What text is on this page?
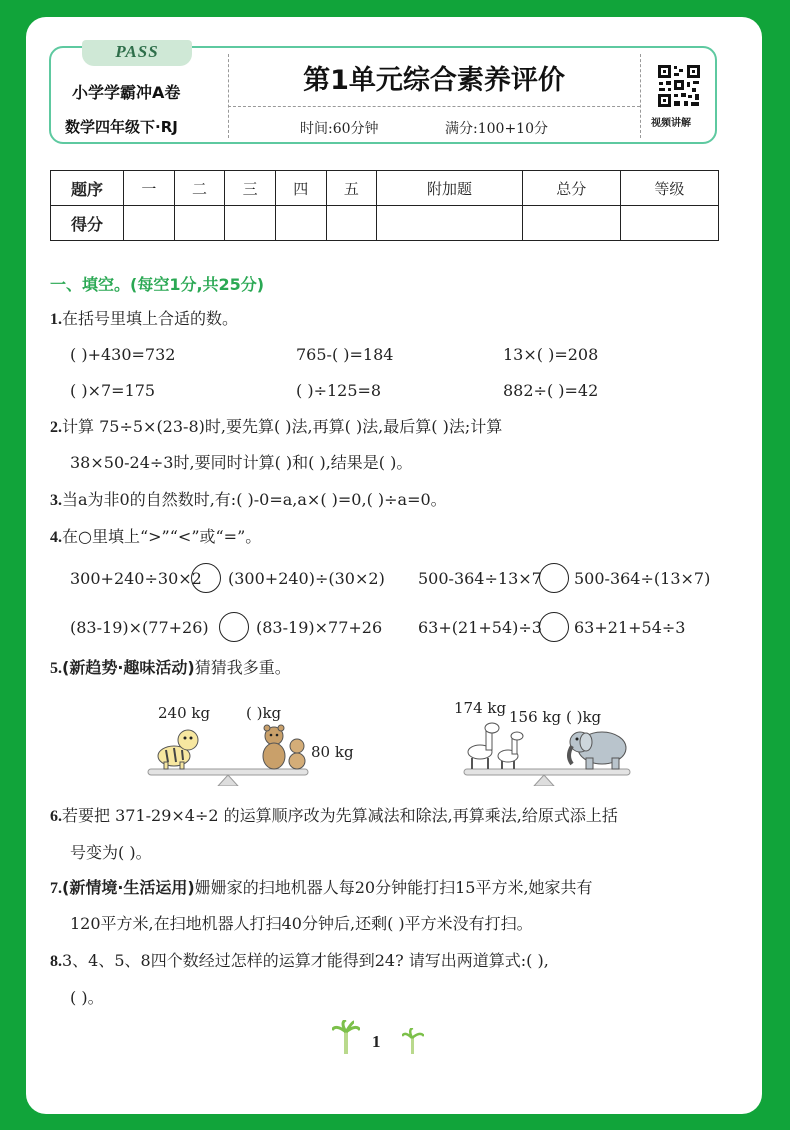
PASS
小学学霸冲A卷
数学四年级下·RJ
第1单元综合素养评价
时间:60分钟	满分:100+10分	视频讲解
题序	一	二	三	四	五	附加题	总分	等级
得分								
一、填空。(每空1分,共25分)
1.在括号里填上合适的数。
( )+430=732	765-( )=184	13×( )=208
( )×7=175	( )÷125=8	882÷( )=42
2.计算 75÷5×(23-8)时,要先算( )法,再算( )法,最后算( )法;计算
38×50-24÷3时,要同时计算( )和( ),结果是( )。
3.当a为非0的自然数时,有:( )-0=a,a×( )=0,( )÷a=0。
4.在○里填上“>”“<”或“=”。
300+240÷30×2 (300+240)÷(30×2) 500-364÷13×7 500-364÷(13×7)
(83-19)×(77+26)	(83-19)×77+26 63+(21+54)÷3 63+21+54÷3
5.(新趋势·趣味活动)猜猜我多重。
240 kg ( )kg
80 kg
174 kg 156 kg ( )kg
6.若要把 371-29×4÷2 的运算顺序改为先算减法和除法,再算乘法,给原式添上括
号变为( )。
7.(新情境·生活运用)姗姗家的扫地机器人每20分钟能打扫15平方米,她家共有
120平方米,在扫地机器人打扫40分钟后,还剩( )平方米没有打扫。
8.3、4、5、8四个数经过怎样的运算才能得到24? 请写出两道算式:( ),
( )。
1
